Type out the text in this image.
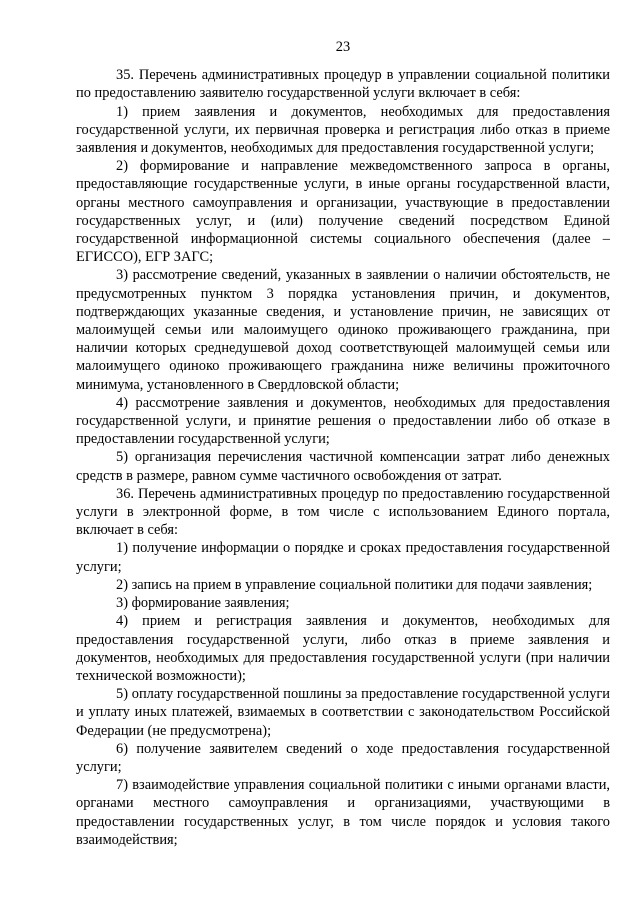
23

35. Перечень административных процедур в управлении социальной политики по предоставлению заявителю государственной услуги включает в себя:

1) прием заявления и документов, необходимых для предоставления государственной услуги, их первичная проверка и регистрация либо отказ в приеме заявления и документов, необходимых для предоставления государственной услуги;

2) формирование и направление межведомственного запроса в органы, предоставляющие государственные услуги, в иные органы государственной власти, органы местного самоуправления и организации, участвующие в предоставлении государственных услуг, и (или) получение сведений посредством Единой государственной информационной системы социального обеспечения (далее – ЕГИССО), ЕГР ЗАГС;

3) рассмотрение сведений, указанных в заявлении о наличии обстоятельств, не предусмотренных пунктом 3 порядка установления причин, и документов, подтверждающих указанные сведения, и установление причин, не зависящих от малоимущей семьи или малоимущего одиноко проживающего гражданина, при наличии которых среднедушевой доход соответствующей малоимущей семьи или малоимущего одиноко проживающего гражданина ниже величины прожиточного минимума, установленного в Свердловской области;

4) рассмотрение заявления и документов, необходимых для предоставления государственной услуги, и принятие решения о предоставлении либо об отказе в предоставлении государственной услуги;

5) организация перечисления частичной компенсации затрат либо денежных средств в размере, равном сумме частичного освобождения от затрат.

36. Перечень административных процедур по предоставлению государственной услуги в электронной форме, в том числе с использованием Единого портала, включает в себя:

1) получение информации о порядке и сроках предоставления государственной услуги;

2) запись на прием в управление социальной политики для подачи заявления;

3) формирование заявления;

4) прием и регистрация заявления и документов, необходимых для предоставления государственной услуги, либо отказ в приеме заявления и документов, необходимых для предоставления государственной услуги (при наличии технической возможности);

5) оплату государственной пошлины за предоставление государственной услуги и уплату иных платежей, взимаемых в соответствии с законодательством Российской Федерации (не предусмотрена);

6) получение заявителем сведений о ходе предоставления государственной услуги;

7) взаимодействие управления социальной политики с иными органами власти, органами местного самоуправления и организациями, участвующими в предоставлении государственных услуг, в том числе порядок и условия такого взаимодействия;
